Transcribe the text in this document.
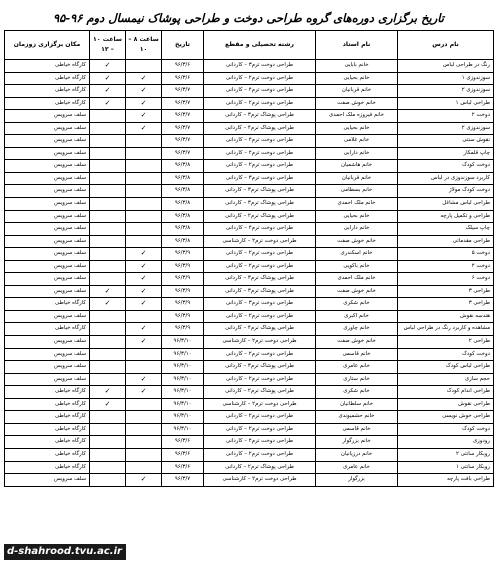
تاریخ برگزاری دوره‌های گروه طراحی دوخت و طراحی پوشاک نیمسال دوم ۹۶-۹۵
نام درس	نام استاد	رشته تحصیلی و مقطع	تاریخ	ساعت ۸ – ۱۰	ساعت ۱۰ – ۱۲	مکان برگزاری زوزمان
رنگ در طراحی لباس	خانم بابایی	طراحی دوخت ترم۳ – کاردانی	۹۶/۳/۶		✓	کارگاه خیاطی
سوزندوزی ۱	خانم بحیایی	طراحی دوخت ترم۲ – کاردانی	۹۶/۳/۶	✓	✓	کارگاه خیاطی
سوزندوزی ۲	خانم قربانیان	طراحی دوخت ترم۴ – کاردانی	۹۶/۳/۷	✓	✓	کارگاه خیاطی
طراحی لباس ۱	خانم خوش صفت	طراحی دوخت ترم۲ – کاردانی	۹۶/۳/۷	✓	✓	کارگاه خیاطی
دوخت ۲	خانم فیروزه ملک احمدی	طراحی پوشاک ترم۳ – کاردانی	۹۶/۳/۷	✓		سلف سرویس
سوزندوزی ۲	خانم بحیایی	طراحی پوشاک ترم۴ – کاردانی	۹۶/۳/۷	✓		سلف سرویس
نقوش سنتی	خانم غلامی	طراحی دوخت ترم۴ – کاردانی	۹۶/۳/۷			سلف سرویس
چاپ قلمکار	خانم دارابی	طراحی دوخت ترم۲ – کاردانی	۹۶/۳/۷			سلف سرویس
دوخت کودک	خانم هاشمیان	طراحی دوخت ترم۲ – کاردانی	۹۶/۳/۸			سلف سرویس
کاربرد سوزندوزی در لباس	خانم قربانیان	طراحی دوخت ترم۳ – کاردانی	۹۶/۳/۸			سلف سرویس
دوخت کودک مولاژ	خانم بسطامی	طراحی پوشاک ترم۳ – کاردانی	۹۶/۳/۸			سلف سرویس
طراحی لباس مشاغل	خانم ملک احمدی	طراحی پوشاک ترم۳ – کاردانی	۹۶/۳/۸			سلف سرویس
طراحی و تکمیل پارچه	خانم بحیایی	طراحی پوشاک ترم۲ – کاردانی	۹۶/۳/۸			سلف سرویس
چاپ سیلک	خانم دارابی	طراحی دوخت ترم۴ – کاردانی	۹۶/۳/۸			سلف سرویس
طراحی مقدماتی	خانم خوش صفت	طراحی دوخت ترم۲ – کارشناسی	۹۶/۳/۸			سلف سرویس
دوخت ۵	خانم اسکندری	طراحی دوخت ترم۲ – کاردانی	۹۶/۳/۹	✓		سلف سرویس
دوخت ۲	خانم باکویی	طراحی دوخت ترم۲ – کاردانی	۹۶/۳/۹	✓		سلف سرویس
دوخت ۶	خانم ملک احمدی	طراحی پوشاک ترم۳ – کاردانی	۹۶/۳/۹	✓		سلف سرویس
طراحی ۳	خانم خوش صفت	طراحی پوشاک ترم۳ – کاردانی	۹۶/۳/۹	✓	✓	سلف سرویس
طراحی ۳	خانم شکری	طراحی دوخت ترم۳ – کاردانی	۹۶/۳/۹	✓	✓	کارگاه خیاطی
هندسه نقوش	خانم اکبری	طراحی دوخت ترم۲ – کاردانی	۹۶/۳/۹			سلف سرویس
مشاهده و کاربرد رنگ در طراحی لباس	خانم چاوری	طراحی پوشاک ترم۴ – کاردانی	۹۶/۳/۹	✓		کارگاه خیاطی
طراحی ۲	خانم خوش صفت	طراحی دوخت ترم۲ – کارشناسی	۹۶/۳/۱۰	✓		سلف سرویس
دوخت کودک	خانم قاسمی	طراحی دوخت ترم۲ – کاردانی	۹۶/۳/۱۰			سلف سرویس
طراحی لباس کودک	خانم عامری	طراحی پوشاک ترم۳ – کاردانی	۹۶/۳/۱۰			سلف سرویس
حجم سازی	خانم ستاری	طراحی دوخت ترم۲ – کاردانی	۹۶/۳/۱۰	✓		سلف سرویس
طراحی اندام کودک	خانم شکری	طراحی پوشاک ترم۲ – کاردانی	۹۶/۳/۱۰	✓	✓	کارگاه خیاطی
طراحی نقوش	خانم سلطانیان	طراحی دوخت ترم۲ – کارشناسی	۹۶/۳/۱۰		✓	کارگاه خیاطی
طراحی خوش نویسی	خانم حشمیوندی	طراحی دوخت ترم۲ – کاردانی	۹۶/۳/۱۰			کارگاه خیاطی
دوخت کودک	خانم قاسمی	طراحی دوخت ترم۲ – کاردانی	۹۶/۳/۱۰			کارگاه خیاطی
رودوزی	خانم بزرگوار	طراحی دوخت ترم۴ – کاردانی	۹۶/۳/۶			کارگاه خیاطی
روبکار سانتی ۲	خانم درزیانیان	طراحی دوخت ترم۲ – کاردانی	۹۶/۳/۶			کارگاه خیاطی
روبکار سانتی ۱	خانم عامری	طراحی پوشاک ترم۲ – کاردانی	۹۶/۳/۶			کارگاه خیاطی
طراحی بافت پارچه	بزرگوار	طراحی دوخت ترم۲ – کارشناسی	۹۶/۳/۷	✓		سلف سرویس
d-shahrood.tvu.ac.ir
